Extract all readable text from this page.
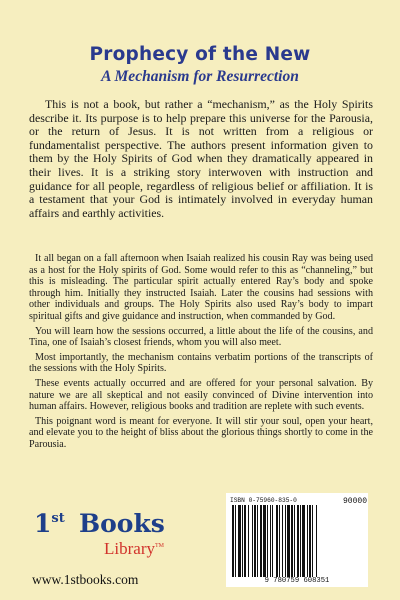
Prophecy of the New
A Mechanism for Resurrection

This is not a book, but rather a “mechanism,” as the Holy Spirits describe it. Its purpose is to help prepare this universe for the Parousia, or the return of Jesus. It is not written from a religious or fundamentalist perspective. The authors present information given to them by the Holy Spirits of God when they dramatically appeared in their lives. It is a striking story interwoven with instruction and guidance for all people, regardless of religious belief or affiliation. It is a testament that your God is intimately involved in everyday human affairs and earthly activities.

It all began on a fall afternoon when Isaiah realized his cousin Ray was being used as a host for the Holy spirits of God. Some would refer to this as “channeling,” but this is misleading. The particular spirit actually entered Ray’s body and spoke through him. Initially they instructed Isaiah. Later the cousins had sessions with other individuals and groups. The Holy Spirits also used Ray’s body to impart spiritual gifts and give guidance and instruction, when commanded by God.

You will learn how the sessions occurred, a little about the life of the cousins, and Tina, one of Isaiah’s closest friends, whom you will also meet.

Most importantly, the mechanism contains verbatim portions of the transcripts of the sessions with the Holy Spirits.

These events actually occurred and are offered for your personal salvation. By nature we are all skeptical and not easily convinced of Divine intervention into human affairs. However, religious books and tradition are replete with such events.

This poignant word is meant for everyone. It will stir your soul, open your heart, and elevate you to the height of bliss about the glorious things shortly to come in the Parousia.

1st Books
Library™
www.1stbooks.com
ISBN 0-75960-835-0	90000
9 780759 608351
